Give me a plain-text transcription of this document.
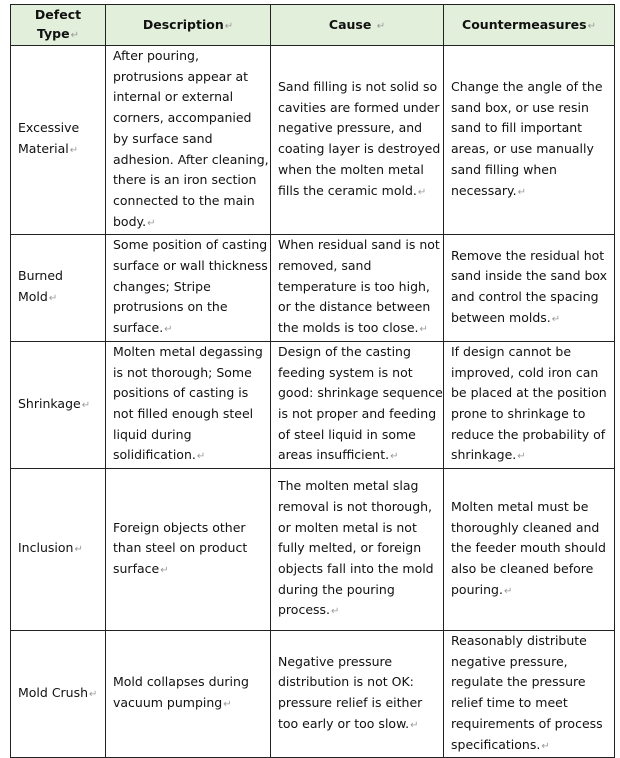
Defect Type↵	Description↵	Cause ↵	Countermeasures↵
Excessive Material↵	After pouring, protrusions appear at internal or external corners, accompanied by surface sand adhesion. After cleaning, there is an iron section connected to the main body.↵	Sand filling is not solid so cavities are formed under negative pressure, and coating layer is destroyed when the molten metal fills the ceramic mold.↵	Change the angle of the sand box, or use resin sand to fill important areas, or use manually sand filling when necessary.↵
Burned Mold↵	Some position of casting surface or wall thickness changes; Stripe protrusions on the surface.↵	When residual sand is not removed, sand temperature is too high, or the distance between the molds is too close.↵	Remove the residual hot sand inside the sand box and control the spacing between molds.↵
Shrinkage↵	Molten metal degassing is not thorough; Some positions of casting is not filled enough steel liquid during solidification.↵	Design of the casting feeding system is not good: shrinkage sequence is not proper and feeding of steel liquid in some areas insufficient.↵	If design cannot be improved, cold iron can be placed at the position prone to shrinkage to reduce the probability of shrinkage.↵
Inclusion↵	Foreign objects other than steel on product surface↵	The molten metal slag removal is not thorough, or molten metal is not fully melted, or foreign objects fall into the mold during the pouring process.↵	Molten metal must be thoroughly cleaned and the feeder mouth should also be cleaned before pouring.↵
Mold Crush↵	Mold collapses during vacuum pumping↵	Negative pressure distribution is not OK: pressure relief is either too early or too slow.↵	Reasonably distribute negative pressure, regulate the pressure relief time to meet requirements of process specifications.↵
